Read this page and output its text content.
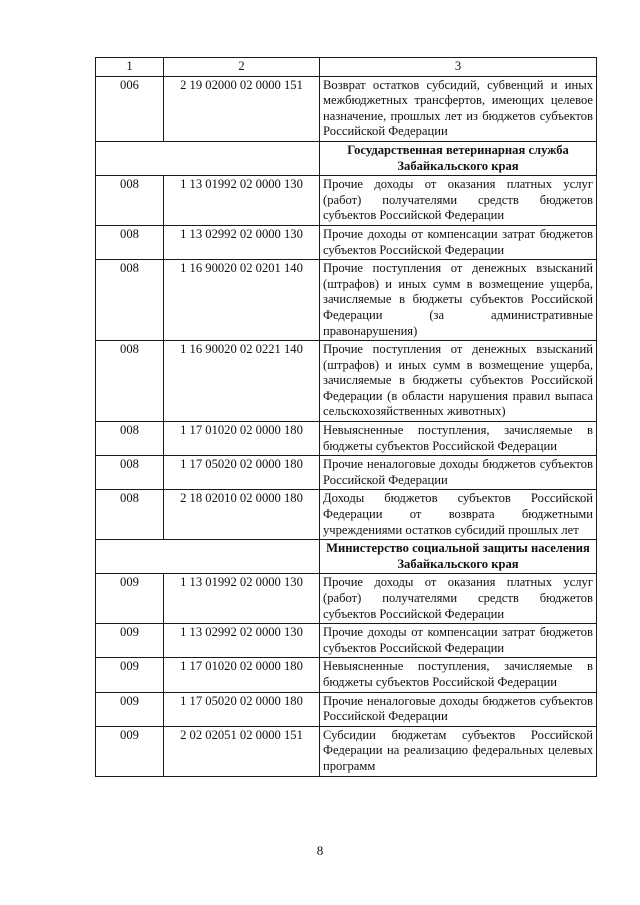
1	2	3
006	2 19 02000 02 0000 151	Возврат остатков субсидий, субвенций и иных межбюджетных трансфертов, имеющих целевое назначение, прошлых лет из бюджетов субъектов Российской Федерации
		Государственная ветеринарная служба Забайкальского края
008	1 13 01992 02 0000 130	Прочие доходы от оказания платных услуг (работ) получателями средств бюджетов субъектов Российской Федерации
008	1 13 02992 02 0000 130	Прочие доходы от компенсации затрат бюджетов субъектов Российской Федерации
008	1 16 90020 02 0201 140	Прочие поступления от денежных взысканий (штрафов) и иных сумм в возмещение ущерба, зачисляемые в бюджеты субъектов Российской Федерации (за административные правонарушения)
008	1 16 90020 02 0221 140	Прочие поступления от денежных взысканий (штрафов) и иных сумм в возмещение ущерба, зачисляемые в бюджеты субъектов Российской Федерации (в области нарушения правил выпаса сельскохозяйственных животных)
008	1 17 01020 02 0000 180	Невыясненные поступления, зачисляемые в бюджеты субъектов Российской Федерации
008	1 17 05020 02 0000 180	Прочие неналоговые доходы бюджетов субъектов Российской Федерации
008	2 18 02010 02 0000 180	Доходы бюджетов субъектов Российской Федерации от возврата бюджетными учреждениями остатков субсидий прошлых лет
		Министерство социальной защиты населения Забайкальского края
009	1 13 01992 02 0000 130	Прочие доходы от оказания платных услуг (работ) получателями средств бюджетов субъектов Российской Федерации
009	1 13 02992 02 0000 130	Прочие доходы от компенсации затрат бюджетов субъектов Российской Федерации
009	1 17 01020 02 0000 180	Невыясненные поступления, зачисляемые в бюджеты субъектов Российской Федерации
009	1 17 05020 02 0000 180	Прочие неналоговые доходы бюджетов субъектов Российской Федерации
009	2 02 02051 02 0000 151	Субсидии бюджетам субъектов Российской Федерации на реализацию федеральных целевых программ
8
